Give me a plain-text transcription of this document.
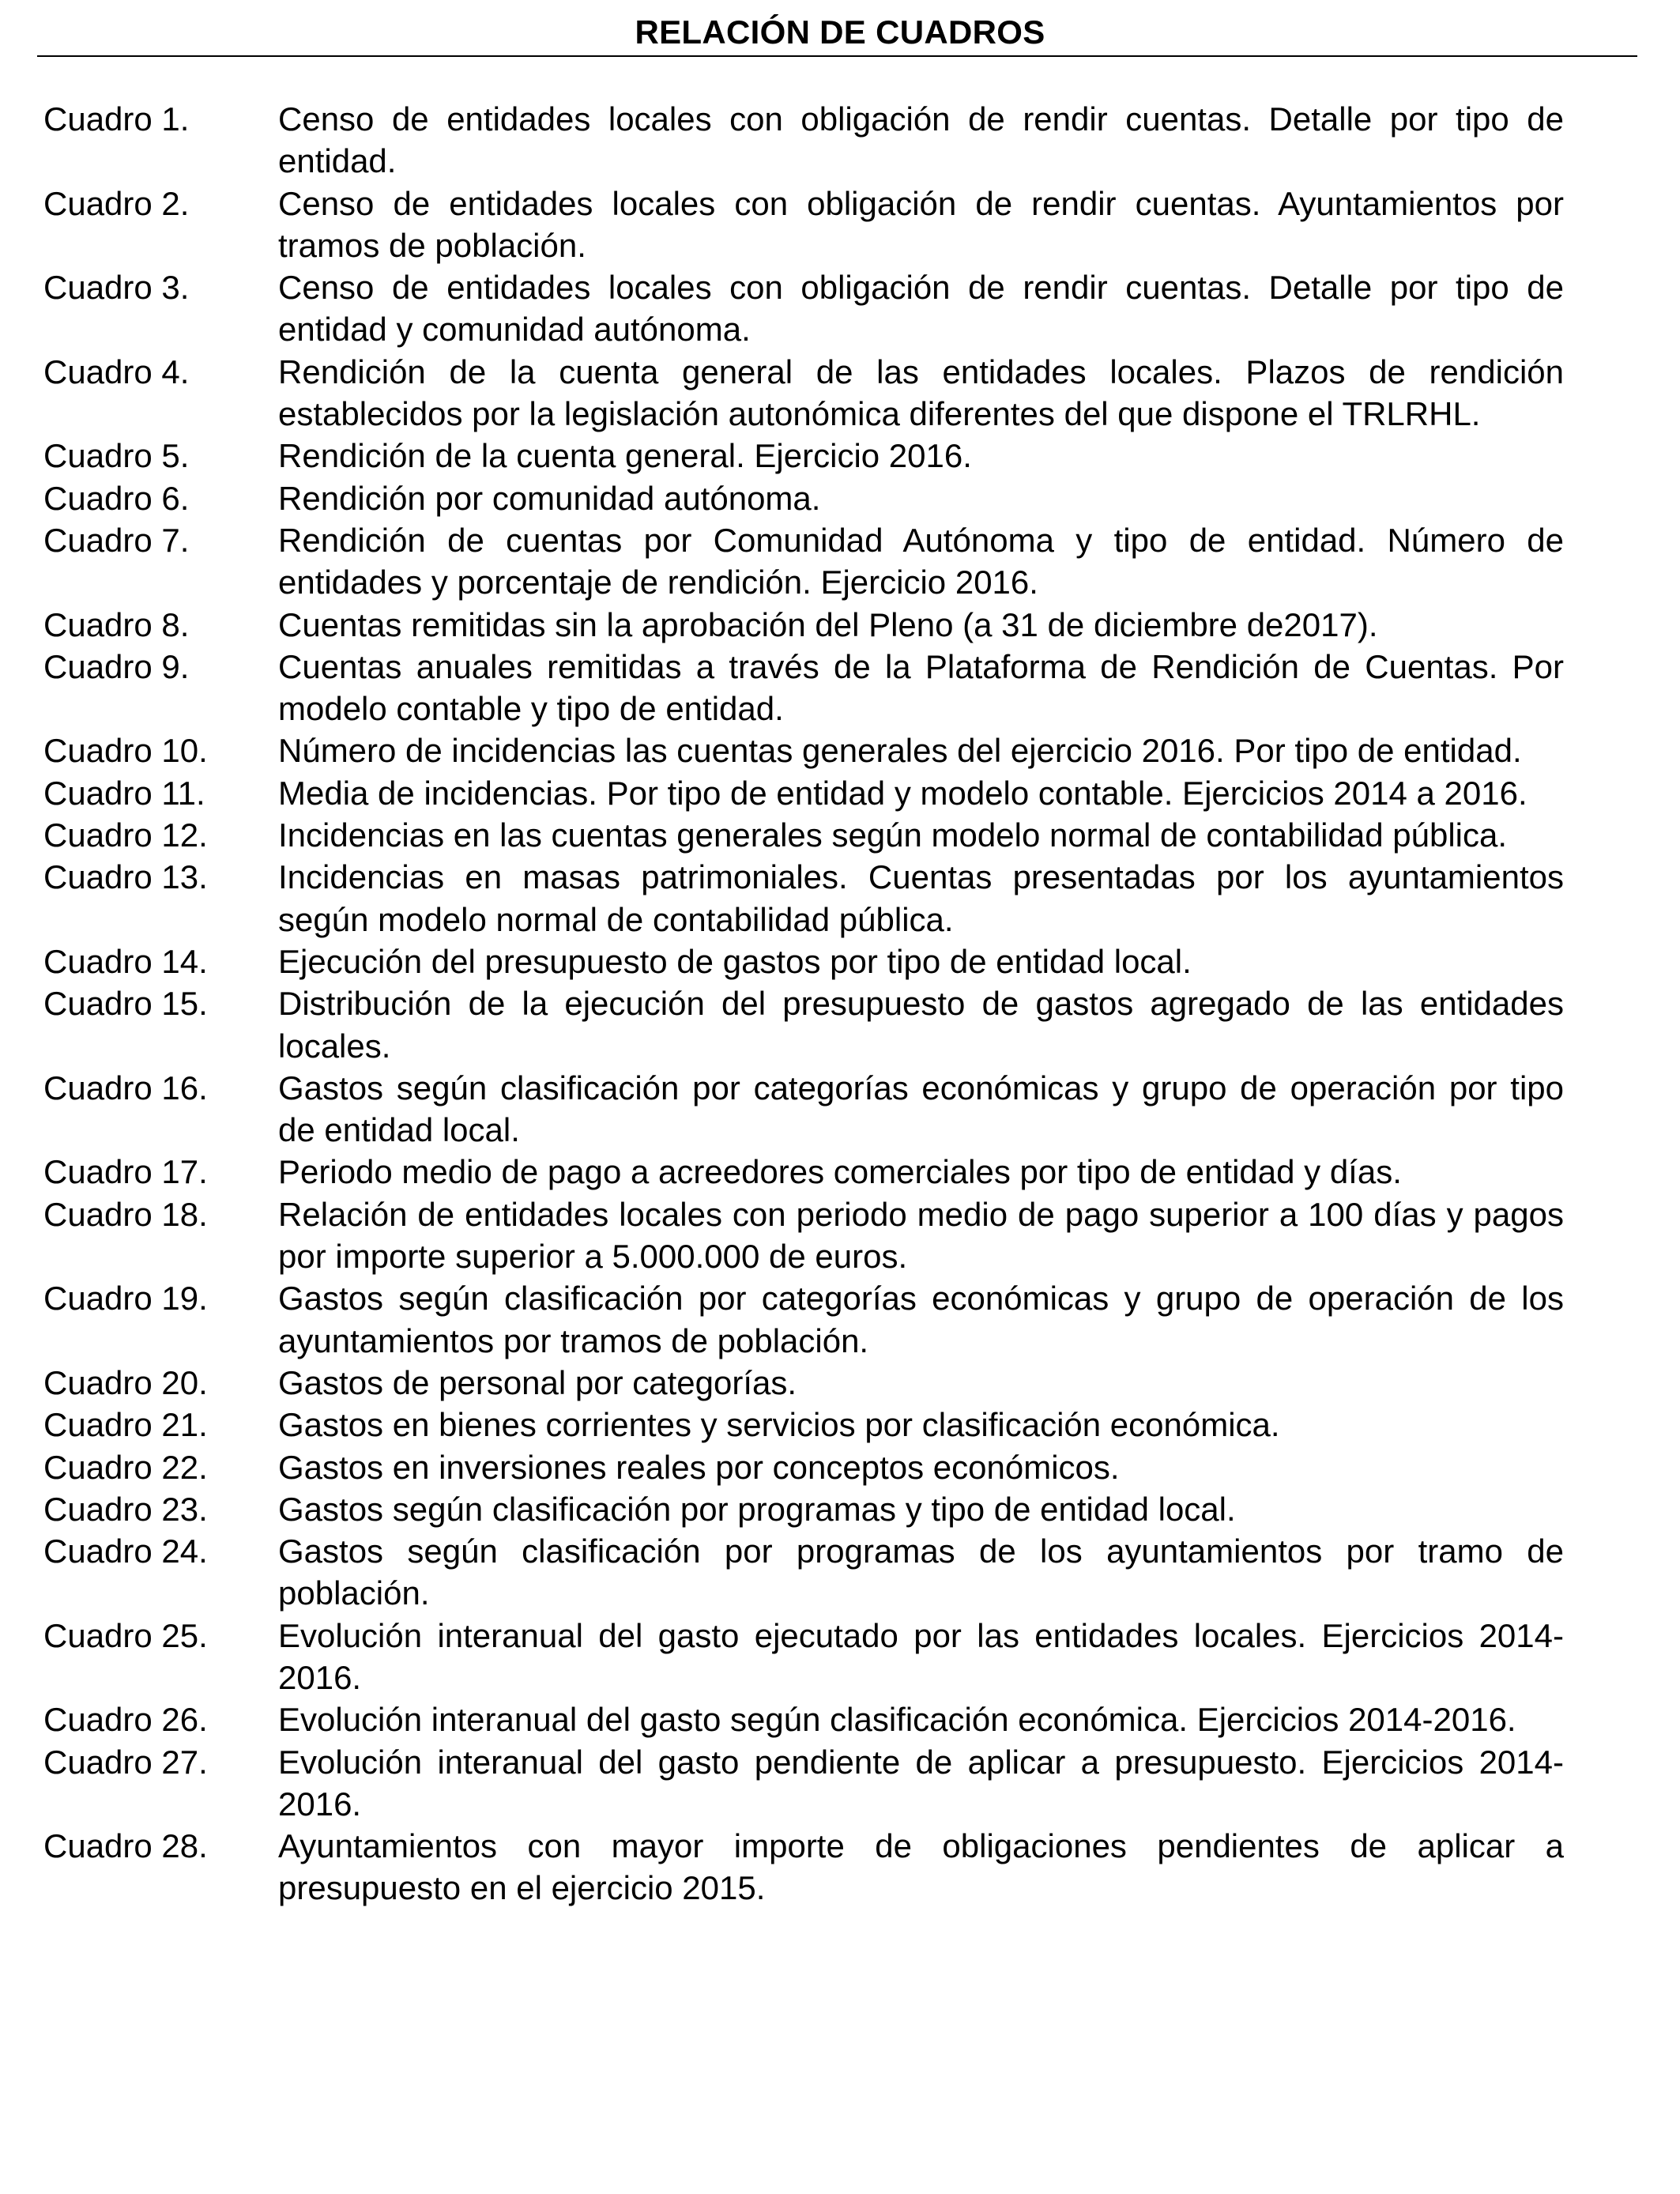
RELACIÓN DE CUADROS
Cuadro 1.	Censo de entidades locales con obligación de rendir cuentas. Detalle por tipo de entidad.
Cuadro 2.	Censo de entidades locales con obligación de rendir cuentas. Ayuntamientos por tramos de población.
Cuadro 3.	Censo de entidades locales con obligación de rendir cuentas. Detalle por tipo de entidad y comunidad autónoma.
Cuadro 4.	Rendición de la cuenta general de las entidades locales. Plazos de rendición establecidos por la legislación autonómica diferentes del que dispone el TRLRHL.
Cuadro 5.	Rendición de la cuenta general. Ejercicio 2016.
Cuadro 6.	Rendición por comunidad autónoma.
Cuadro 7.	Rendición de cuentas por Comunidad Autónoma y tipo de entidad. Número de entidades y porcentaje de rendición. Ejercicio 2016.
Cuadro 8.	Cuentas remitidas sin la aprobación del Pleno (a 31 de diciembre de2017).
Cuadro 9.	Cuentas anuales remitidas a través de la Plataforma de Rendición de Cuentas. Por modelo contable y tipo de entidad.
Cuadro 10.	Número de incidencias las cuentas generales del ejercicio 2016. Por tipo de entidad.
Cuadro 11.	Media de incidencias. Por tipo de entidad y modelo contable. Ejercicios 2014 a 2016.
Cuadro 12.	Incidencias en las cuentas generales según modelo normal de contabilidad pública.
Cuadro 13.	Incidencias en masas patrimoniales. Cuentas presentadas por los ayuntamientos según modelo normal de contabilidad pública.
Cuadro 14.	Ejecución del presupuesto de gastos por tipo de entidad local.
Cuadro 15.	Distribución de la ejecución del presupuesto de gastos agregado de las entidades locales.
Cuadro 16.	Gastos según clasificación por categorías económicas y grupo de operación por tipo de entidad local.
Cuadro 17.	Periodo medio de pago a acreedores comerciales por tipo de entidad y días.
Cuadro 18.	Relación de entidades locales con periodo medio de pago superior a 100 días y pagos por importe superior a 5.000.000 de euros.
Cuadro 19.	Gastos según clasificación por categorías económicas y grupo de operación de los ayuntamientos por tramos de población.
Cuadro 20.	Gastos de personal por categorías.
Cuadro 21.	Gastos en bienes corrientes y servicios por clasificación económica.
Cuadro 22.	Gastos en inversiones reales por conceptos económicos.
Cuadro 23.	Gastos según clasificación por programas y tipo de entidad local.
Cuadro 24.	Gastos según clasificación por programas de los ayuntamientos por tramo de población.
Cuadro 25.	Evolución interanual del gasto ejecutado por las entidades locales. Ejercicios 2014-2016.
Cuadro 26.	Evolución interanual del gasto según clasificación económica. Ejercicios 2014-2016.
Cuadro 27.	Evolución interanual del gasto pendiente de aplicar a presupuesto. Ejercicios 2014-2016.
Cuadro 28.	Ayuntamientos con mayor importe de obligaciones pendientes de aplicar a presupuesto en el ejercicio 2015.
